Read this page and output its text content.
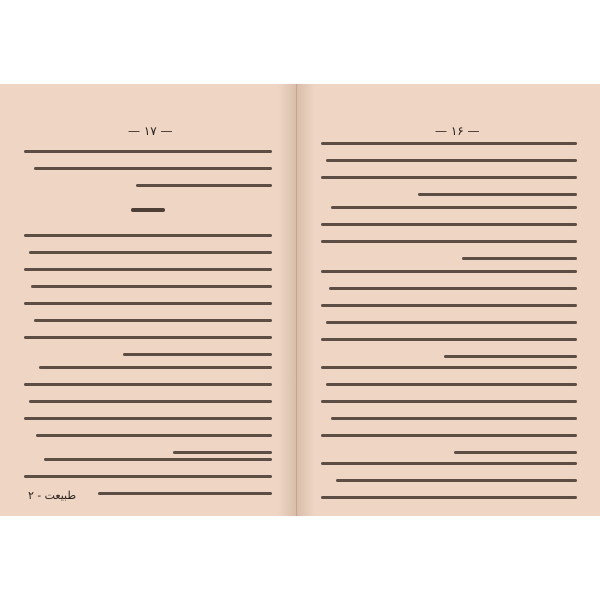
— ۱۷ —
طبیعت - ۲
— ۱۶ —
